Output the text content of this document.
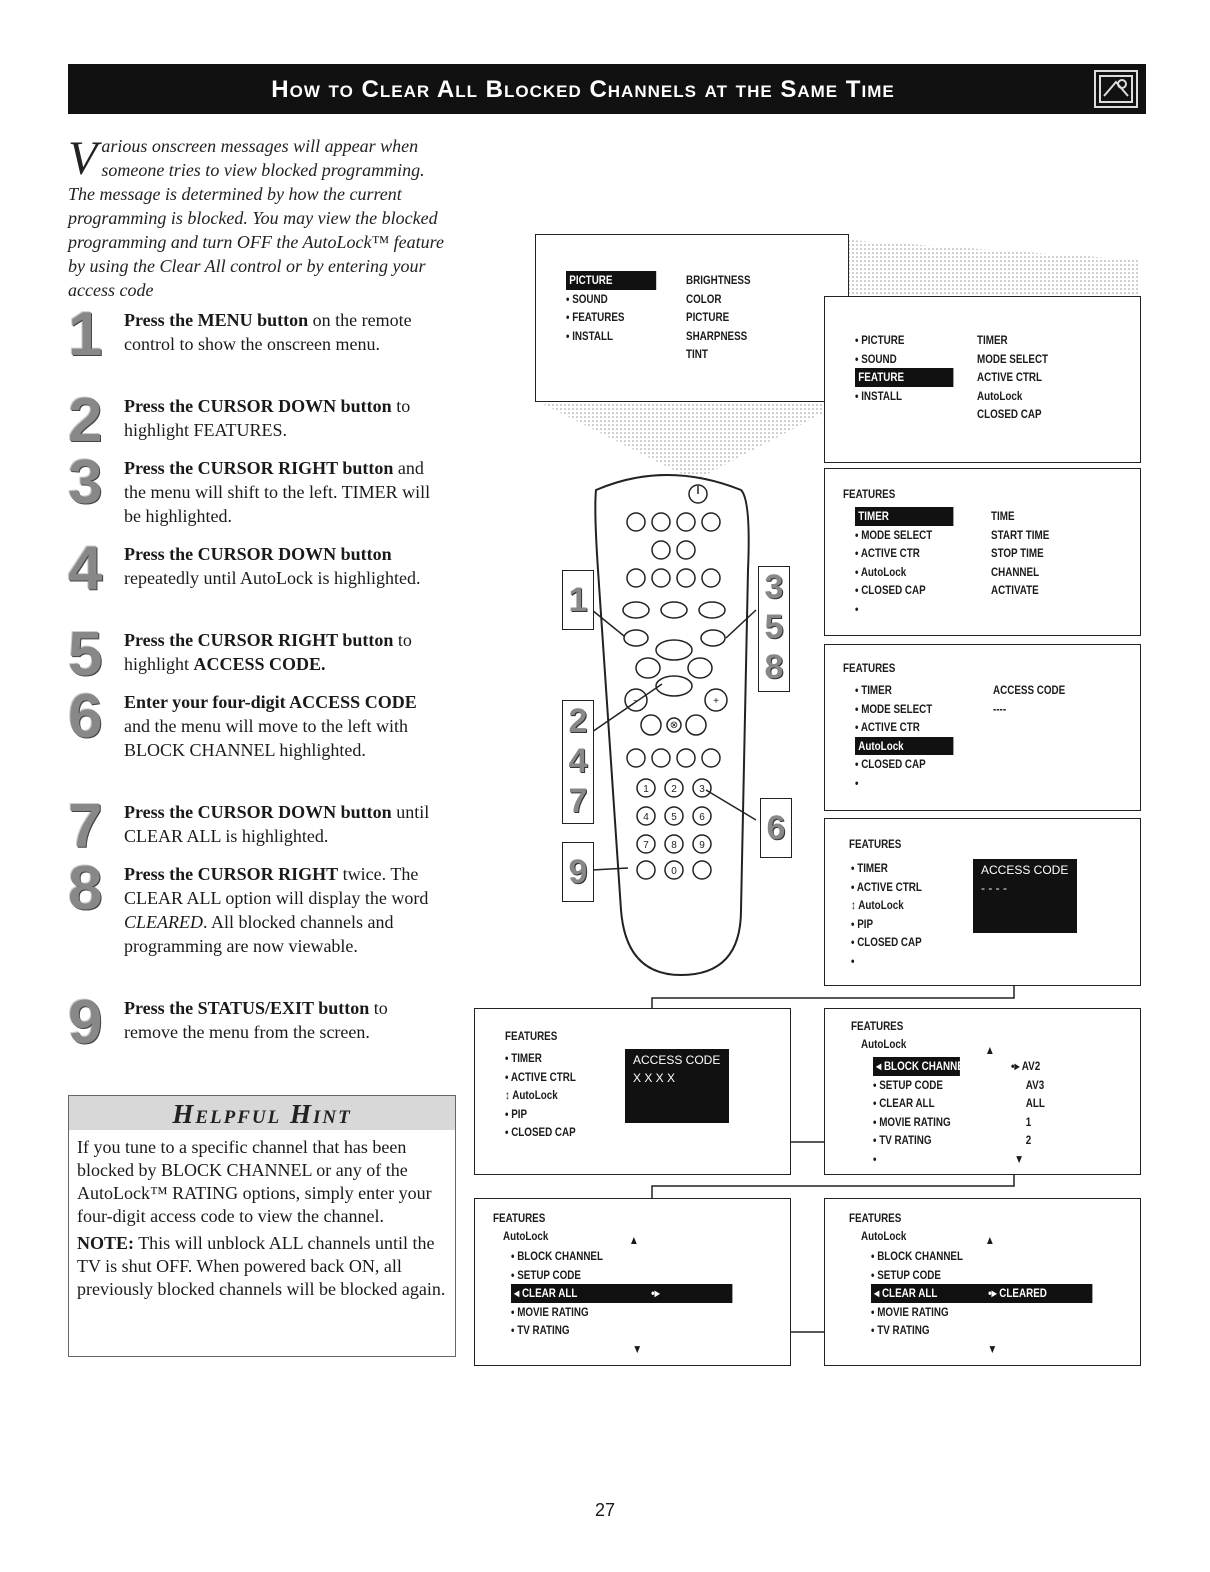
How to Clear All Blocked Channels at the Same Time
Various onscreen messages will appear when someone tries to view blocked programming. The message is determined by how the current programming is blocked. You may view the blocked programming and turn OFF the AutoLock™ feature by using the Clear All control or by entering your access code
1	Press the MENU button on the remote control to show the onscreen menu.
2	Press the CURSOR DOWN button to highlight FEATURES.
3	Press the CURSOR RIGHT button and the menu will shift to the left. TIMER will be highlighted.
4	Press the CURSOR DOWN button repeatedly until AutoLock is highlighted.
5	Press the CURSOR RIGHT button to highlight ACCESS CODE.
6	Enter your four-digit ACCESS CODE and the menu will move to the left with BLOCK CHANNEL highlighted.
7	Press the CURSOR DOWN button until CLEAR ALL is highlighted.
8	Press the CURSOR RIGHT twice. The CLEAR ALL option will display the word CLEARED. All blocked channels and programming are now viewable.
9	Press the STATUS/EXIT button to remove the menu from the screen.
Helpful Hint
If you tune to a specific channel that has been blocked by BLOCK CHANNEL or any of the AutoLock™ RATING options, simply enter your four-digit access code to view the channel.
NOTE: This will unblock ALL channels until the TV is shut OFF. When powered back ON, all previously blocked channels will be blocked again.
PICTURE
• SOUND
• FEATURES
• INSTALL
BRIGHTNESS
COLOR
PICTURE
SHARPNESS
TINT
• PICTURE
• SOUND
FEATURE
• INSTALL
TIMER
MODE SELECT
ACTIVE CTRL
AutoLock
CLOSED CAP
FEATURES
TIMER
• MODE SELECT
• ACTIVE CTR
• AutoLock
• CLOSED CAP
•
TIME
START TIME
STOP TIME
CHANNEL
ACTIVATE
FEATURES
• TIMER
• MODE SELECT
• ACTIVE CTR
AutoLock
• CLOSED CAP
•
ACCESS CODE
----
FEATURES
• TIMER
• ACTIVE CTRL
↕ AutoLock
• PIP
• CLOSED CAP
•
ACCESS CODE
- - - -
FEATURES
• TIMER
• ACTIVE CTRL
↕ AutoLock
• PIP
• CLOSED CAP
ACCESS CODE
X X X X
FEATURES
AutoLock	▲
◂ BLOCK CHANNEL
• SETUP CODE
• CLEAR ALL
• MOVIE RATING
• TV RATING
•
•▸ AV2
AV3
ALL
1
2
▼
FEATURES
AutoLock	▲
• BLOCK CHANNEL
• SETUP CODE
◂ CLEAR ALL	•▸
• MOVIE RATING
• TV RATING
▼
FEATURES
AutoLock	▲
• BLOCK CHANNEL
• SETUP CODE
◂ CLEAR ALL	•▸ CLEARED
• MOVIE RATING
• TV RATING
▼
⊗
+
−
1 2 3
4 5 6
7 8 9
0
1
2
4
7
9
3
5
8
6
27
